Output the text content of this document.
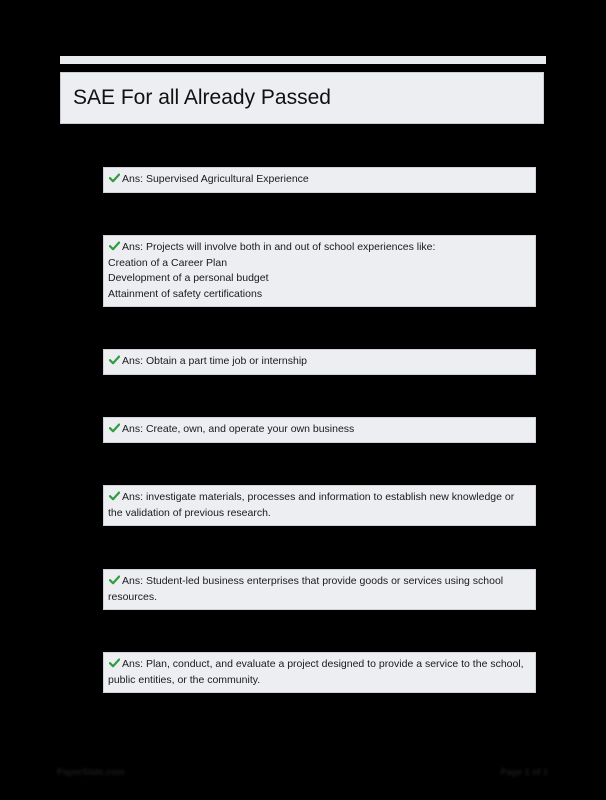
SAE For all Already Passed
Ans: Supervised Agricultural Experience
Ans: Projects will involve both in and out of school experiences like:
Creation of a Career Plan
Development of a personal budget
Attainment of safety certifications
Ans: Obtain a part time job or internship
Ans: Create, own, and operate your own business
Ans: investigate materials, processes and information to establish new knowledge or the validation of previous research.
Ans: Student-led business enterprises that provide goods or services using school resources.
Ans: Plan, conduct, and evaluate a project designed to provide a service to the school, public entities, or the community.
PaperSlide.com	Page 1 of 1
